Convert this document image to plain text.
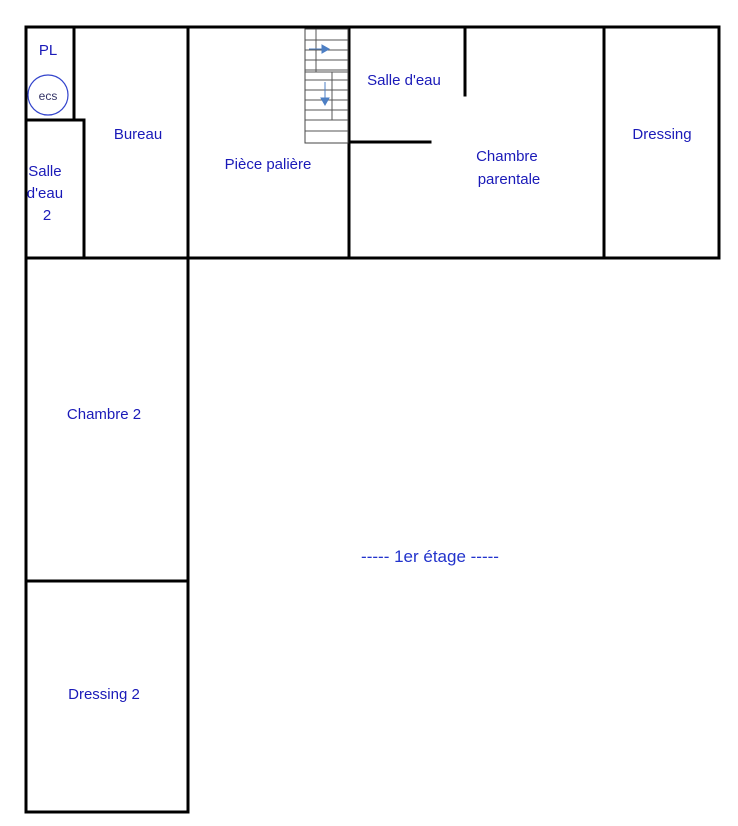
ecs
PL
Salle d'eau 2
Bureau
Pièce palière
Salle d'eau
Chambre parentale
Dressing
Chambre 2
Dressing 2
----- 1er étage -----
